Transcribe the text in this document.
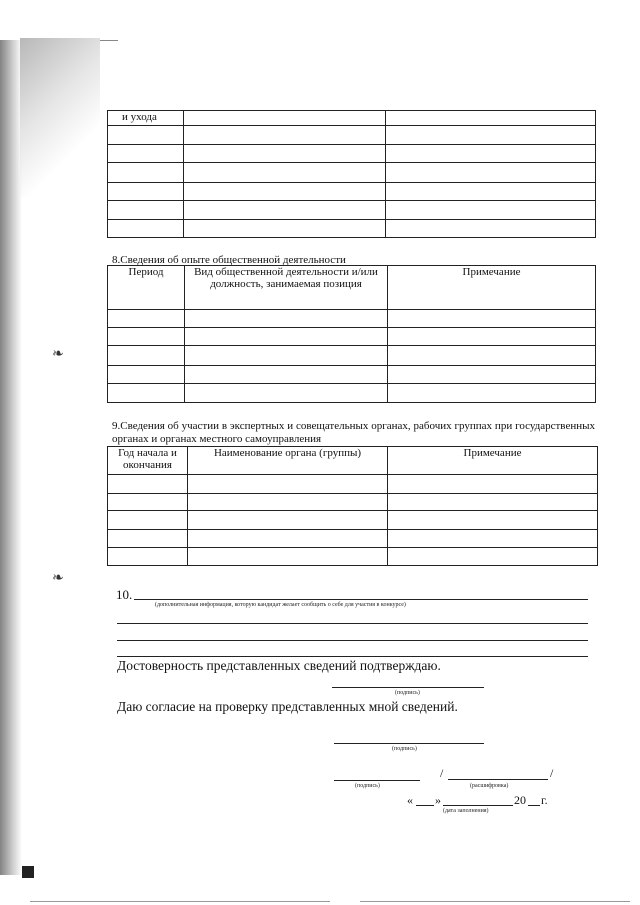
❧
❧
и ухода		

8.Сведения об опыте общественной деятельности
Период	Вид общественной деятельности и/или должность, занимаемая позиция	Примечание

9.Сведения об участии в экспертных и совещательных органах, рабочих группах при государственных органах и органах местного самоуправления
Год начала и окончания	Наименование органа (группы)	Примечание

10.
(дополнительная информация, которую кандидат желает сообщить о себе для участия в конкурсе)
Достоверность представленных сведений подтверждаю.
(подпись)
Даю согласие на проверку представленных мной сведений.
(подпись)
(подпись)
/	/
(расшифровка)
« »	20 г.
(дата заполнения)
